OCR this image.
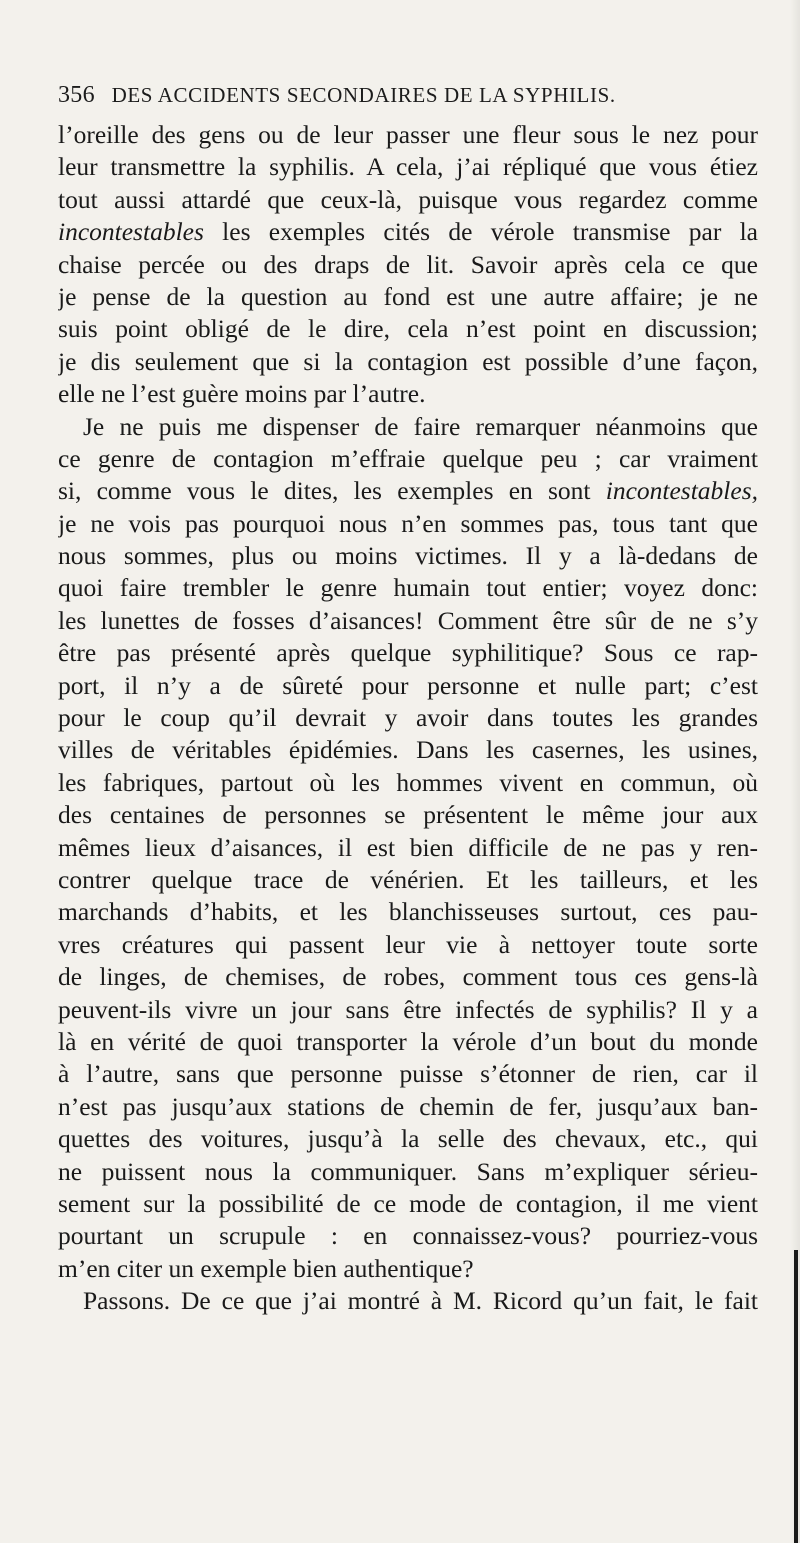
356 DES ACCIDENTS SECONDAIRES DE LA SYPHILIS.
l’oreille des gens ou de leur passer une fleur sous le nez pour
leur transmettre la syphilis. A cela, j’ai répliqué que vous étiez
tout aussi attardé que ceux-là, puisque vous regardez comme
incontestables les exemples cités de vérole transmise par la
chaise percée ou des draps de lit. Savoir après cela ce que
je pense de la question au fond est une autre affaire; je ne
suis point obligé de le dire, cela n’est point en discussion;
je dis seulement que si la contagion est possible d’une façon,
elle ne l’est guère moins par l’autre.
Je ne puis me dispenser de faire remarquer néanmoins que
ce genre de contagion m’effraie quelque peu ; car vraiment
si, comme vous le dites, les exemples en sont incontestables,
je ne vois pas pourquoi nous n’en sommes pas, tous tant que
nous sommes, plus ou moins victimes. Il y a là-dedans de
quoi faire trembler le genre humain tout entier; voyez donc:
les lunettes de fosses d’aisances! Comment être sûr de ne s’y
être pas présenté après quelque syphilitique? Sous ce rap-
port, il n’y a de sûreté pour personne et nulle part; c’est
pour le coup qu’il devrait y avoir dans toutes les grandes
villes de véritables épidémies. Dans les casernes, les usines,
les fabriques, partout où les hommes vivent en commun, où
des centaines de personnes se présentent le même jour aux
mêmes lieux d’aisances, il est bien difficile de ne pas y ren-
contrer quelque trace de vénérien. Et les tailleurs, et les
marchands d’habits, et les blanchisseuses surtout, ces pau-
vres créatures qui passent leur vie à nettoyer toute sorte
de linges, de chemises, de robes, comment tous ces gens-là
peuvent-ils vivre un jour sans être infectés de syphilis? Il y a
là en vérité de quoi transporter la vérole d’un bout du monde
à l’autre, sans que personne puisse s’étonner de rien, car il
n’est pas jusqu’aux stations de chemin de fer, jusqu’aux ban-
quettes des voitures, jusqu’à la selle des chevaux, etc., qui
ne puissent nous la communiquer. Sans m’expliquer sérieu-
sement sur la possibilité de ce mode de contagion, il me vient
pourtant un scrupule : en connaissez-vous? pourriez-vous
m’en citer un exemple bien authentique?
Passons. De ce que j’ai montré à M. Ricord qu’un fait, le fait
